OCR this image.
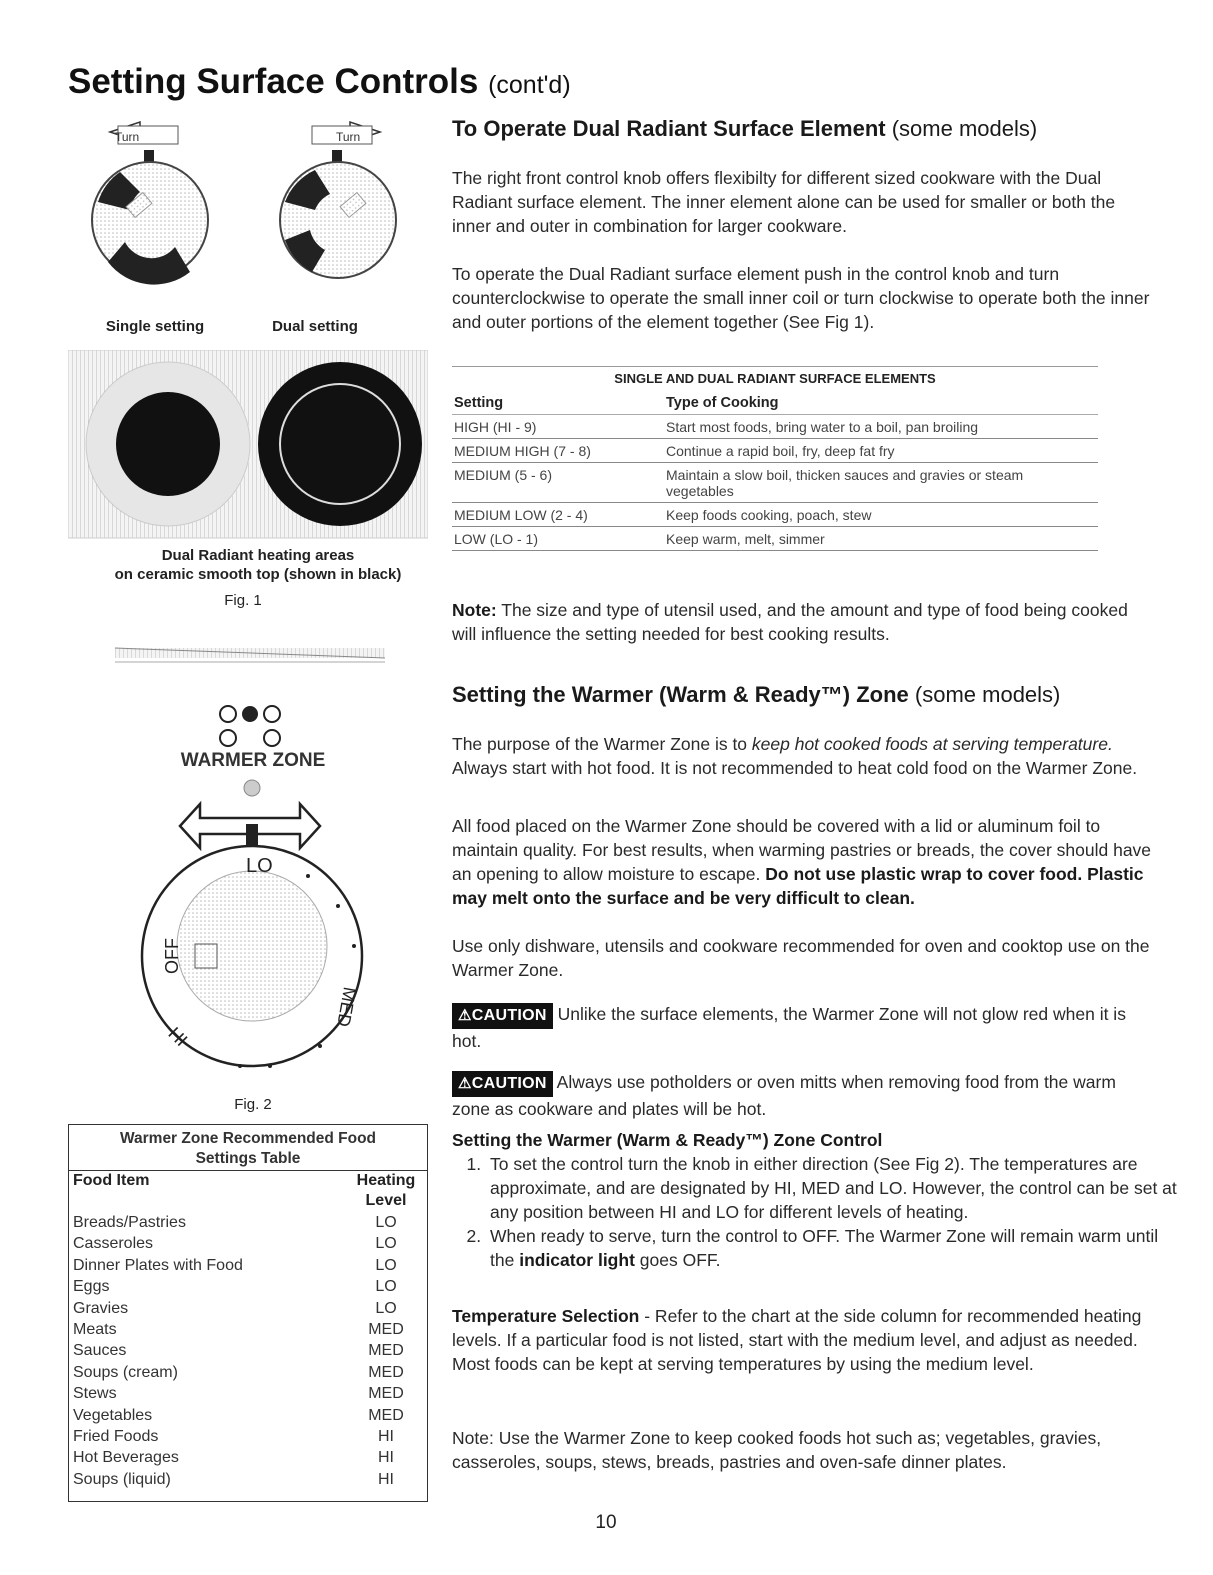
Setting Surface Controls (cont'd)
Turn	Turn
Single setting	Dual setting
Dual Radiant heating areas
on ceramic smooth top (shown in black)
Fig. 1
WARMER ZONE
LO
OFF
HI
MED
Fig. 2
Warmer Zone Recommended Food
Settings Table
Food Item	Heating
Level
Breads/Pastries	LO
Casseroles	LO
Dinner Plates with Food	LO
Eggs	LO
Gravies	LO
Meats	MED
Sauces	MED
Soups (cream)	MED
Stews	MED
Vegetables	MED
Fried Foods	HI
Hot Beverages	HI
Soups (liquid)	HI
To Operate Dual Radiant Surface Element (some models)

The right front control knob offers flexibilty for different sized cookware with the Dual Radiant surface element. The inner element alone can be used for smaller or both the inner and outer in combination for larger cookware.

To operate the Dual Radiant surface element push in the control knob and turn counterclockwise to operate the small inner coil or turn clockwise to operate both the inner and outer portions of the element together (See Fig 1).

SINGLE AND DUAL RADIANT SURFACE ELEMENTS
Setting	Type of Cooking
HIGH (HI - 9)	Start most foods, bring water to a boil, pan broiling
MEDIUM HIGH (7 - 8)	Continue a rapid boil, fry, deep fat fry
MEDIUM (5 - 6)	Maintain a slow boil, thicken sauces and gravies or steam vegetables
MEDIUM LOW (2 - 4)	Keep foods cooking, poach, stew
LOW (LO - 1)	Keep warm, melt, simmer

Note: The size and type of utensil used, and the amount and type of food being cooked will influence the setting needed for best cooking results.

Setting the Warmer (Warm & Ready™) Zone (some models)

The purpose of the Warmer Zone is to keep hot cooked foods at serving temperature. Always start with hot food. It is not recommended to heat cold food on the Warmer Zone.

All food placed on the Warmer Zone should be covered with a lid or aluminum foil to maintain quality. For best results, when warming pastries or breads, the cover should have an opening to allow moisture to escape. Do not use plastic wrap to cover food. Plastic may melt onto the surface and be very difficult to clean.

Use only dishware, utensils and cookware recommended for oven and cooktop use on the Warmer Zone.

⚠CAUTION Unlike the surface elements, the Warmer Zone will not glow red when it is hot.

⚠CAUTION Always use potholders or oven mitts when removing food from the warm zone as cookware and plates will be hot.

Setting the Warmer (Warm & Ready™) Zone Control
1. To set the control turn the knob in either direction (See Fig 2). The temperatures are approximate, and are designated by HI, MED and LO. However, the control can be set at any position between HI and LO for different levels of heating.
2. When ready to serve, turn the control to OFF. The Warmer Zone will remain warm until the indicator light goes OFF.

Temperature Selection - Refer to the chart at the side column for recommended heating levels. If a particular food is not listed, start with the medium level, and adjust as needed. Most foods can be kept at serving temperatures by using the medium level.

Note: Use the Warmer Zone to keep cooked foods hot such as; vegetables, gravies, casseroles, soups, stews, breads, pastries and oven-safe dinner plates.

10
